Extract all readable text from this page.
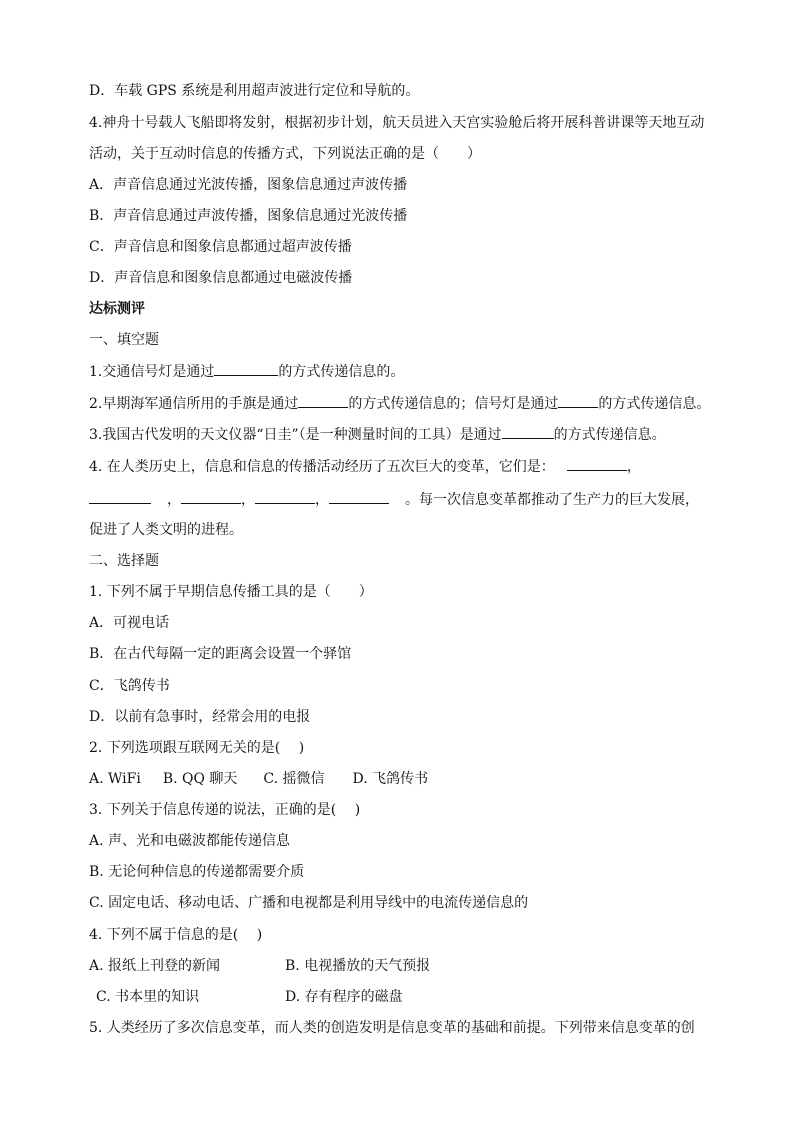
D．车载 GPS 系统是利用超声波进行定位和导航的。
4.神舟十号载人飞船即将发射，根据初步计划，航天员进入天宫实验舱后将开展科普讲课等天地互动
活动，关于互动时信息的传播方式，下列说法正确的是（　　）
A．声音信息通过光波传播，图象信息通过声波传播
B．声音信息通过声波传播，图象信息通过光波传播
C．声音信息和图象信息都通过超声波传播
D．声音信息和图象信息都通过电磁波传播
达标测评
一、填空题
1.交通信号灯是通过	的方式传递信息的。
2.早期海军通信所用的手旗是通过	的方式传递信息的；信号灯是通过	的方式传递信息。
3.我国古代发明的天文仪器“日圭”（是一种测量时间的工具）是通过	的方式传递信息。
4. 在人类历史上，信息和信息的传播活动经历了五次巨大的变革，它们是：	，
，	，	，	。每一次信息变革都推动了生产力的巨大发展，
促进了人类文明的进程。
二、选择题
1. 下列不属于早期信息传播工具的是（　　）
A．可视电话
B．在古代每隔一定的距离会设置一个驿馆
C．飞鸽传书
D．以前有急事时，经常会用的电报
2. 下列选项跟互联网无关的是(　 )
A. WiFi B. QQ 聊天 C. 摇微信 D. 飞鸽传书
3. 下列关于信息传递的说法，正确的是(　 )
A. 声、光和电磁波都能传递信息
B. 无论何种信息的传递都需要介质
C. 固定电话、移动电话、广播和电视都是利用导线中的电流传递信息的
4. 下列不属于信息的是(　 )
A. 报纸上刊登的新闻	B. 电视播放的天气预报
C. 书本里的知识	D. 存有程序的磁盘
5. 人类经历了多次信息变革，而人类的创造发明是信息变革的基础和前提。下列带来信息变革的创
